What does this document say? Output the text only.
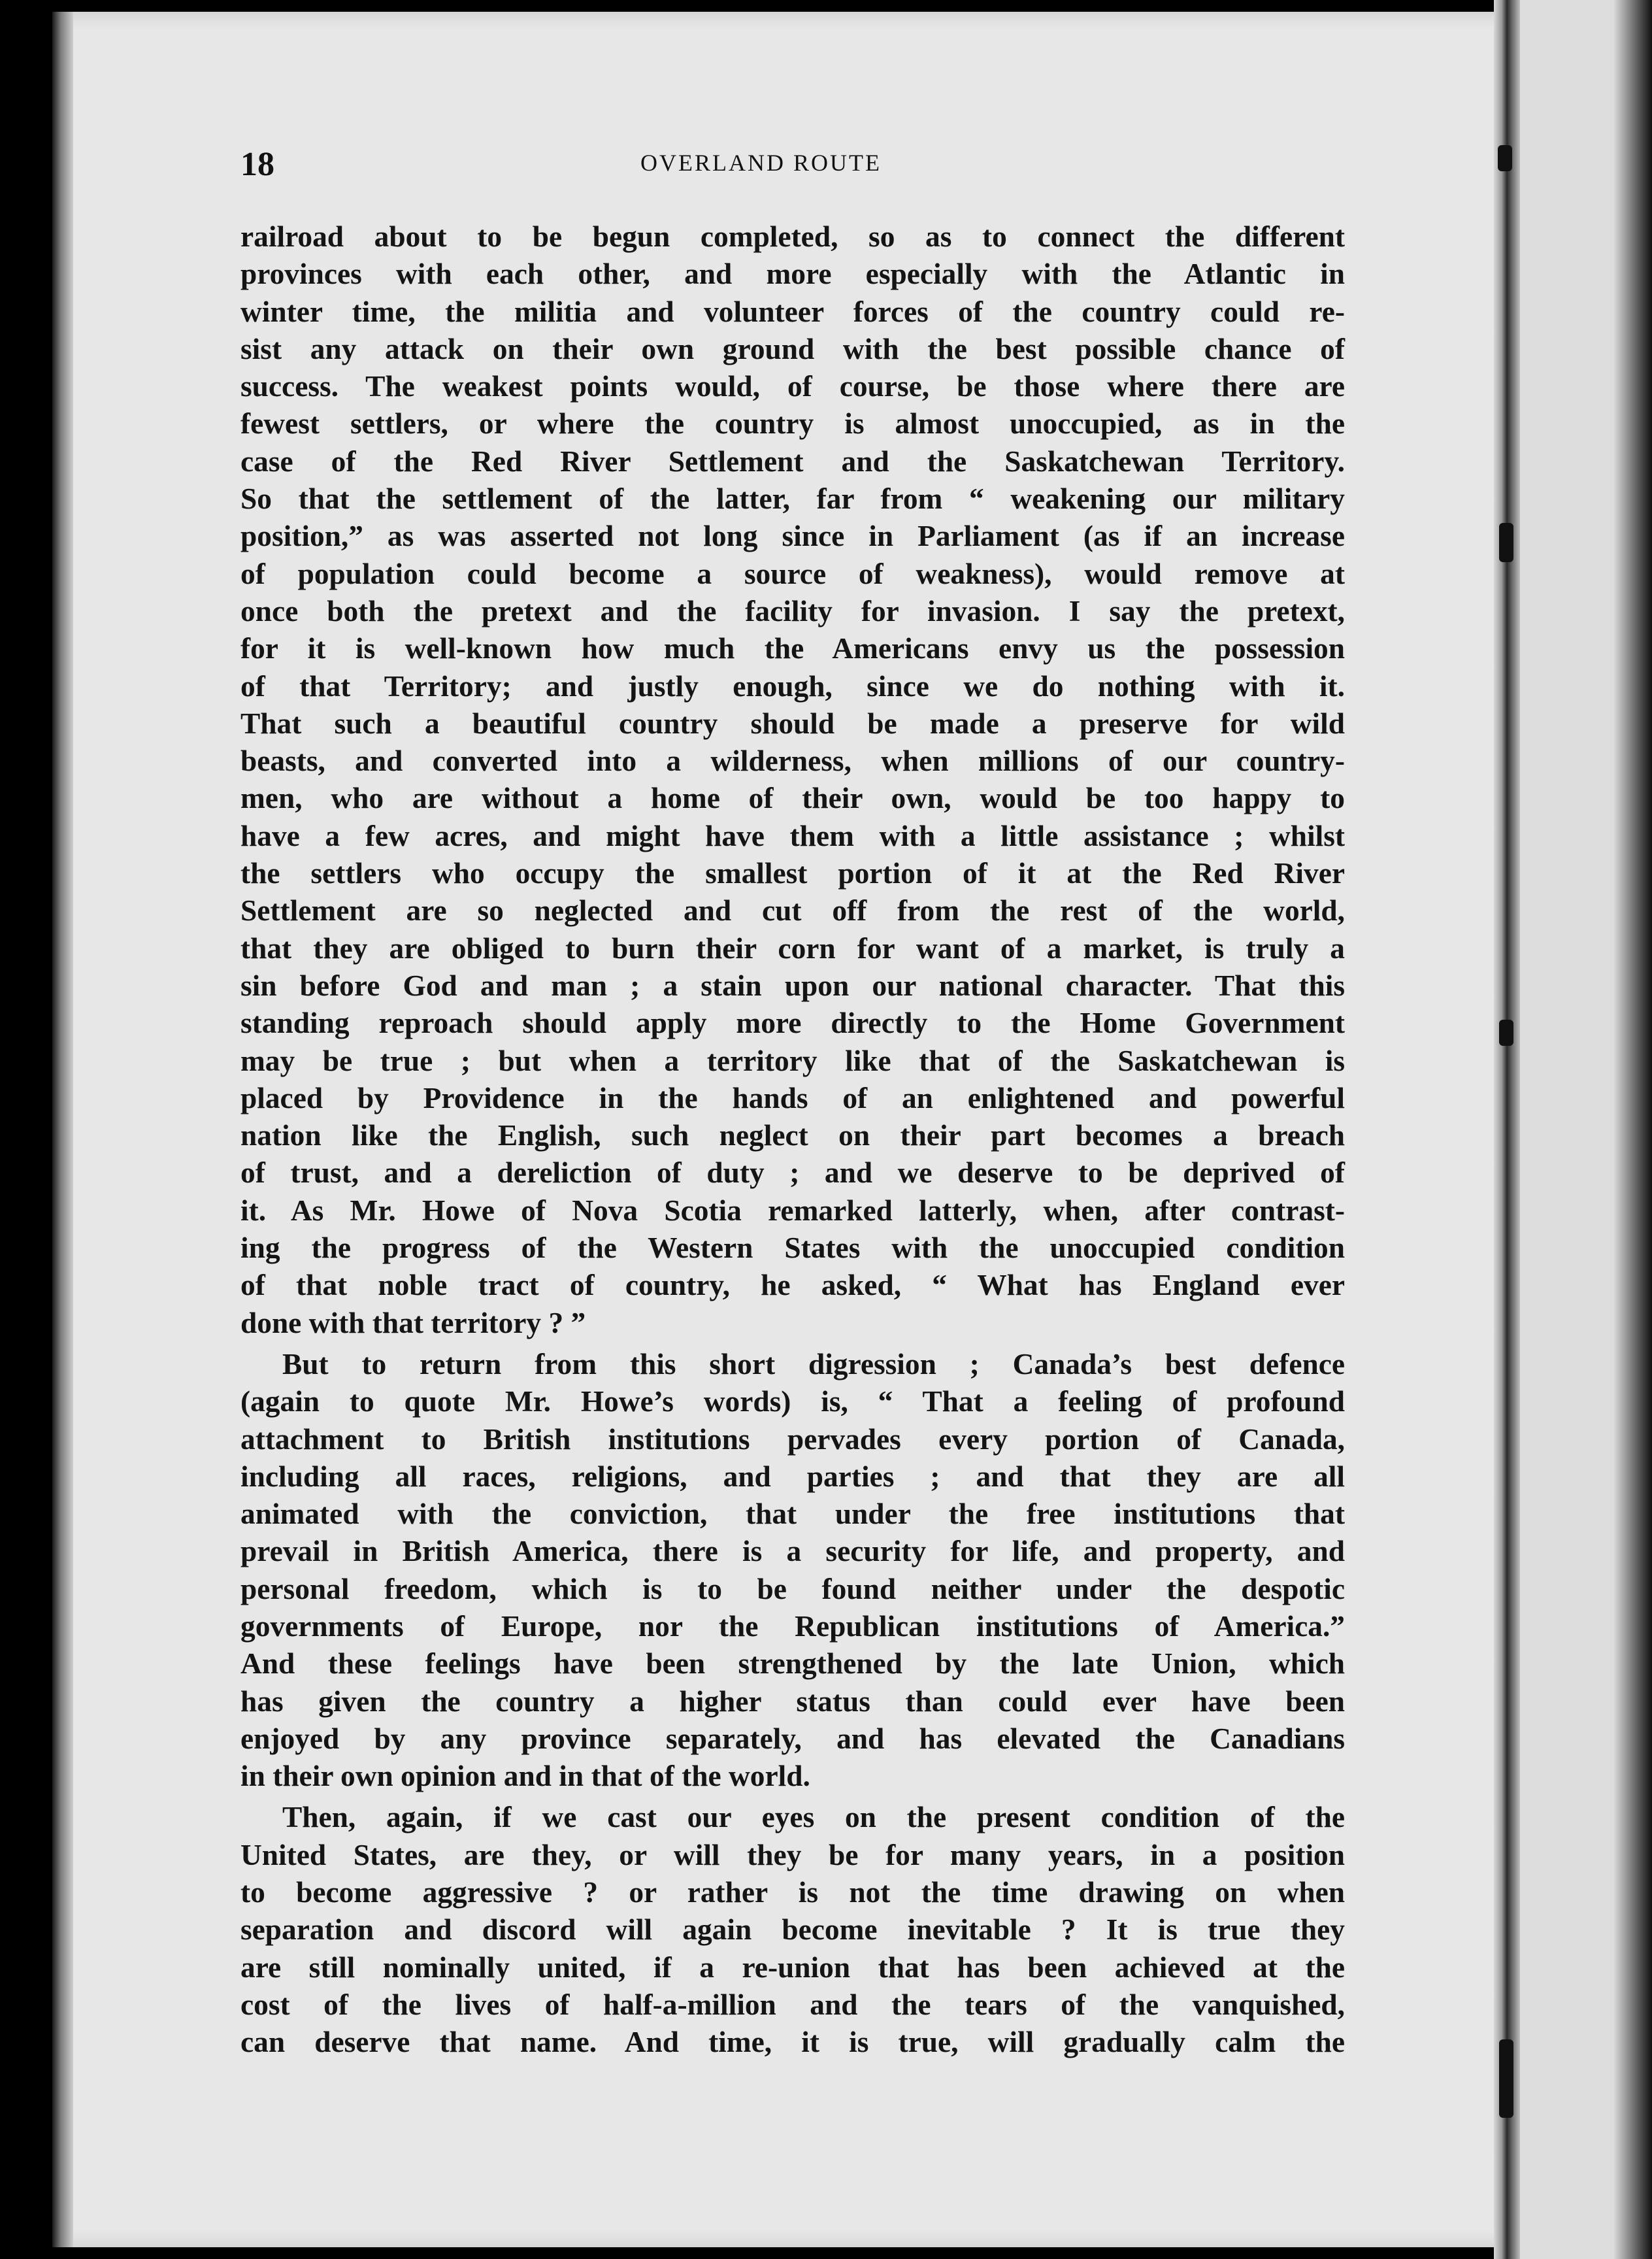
18	OVERLAND ROUTE
railroad about to be begun completed, so as to connect the different
provinces with each other, and more especially with the Atlantic in
winter time, the militia and volunteer forces of the country could re-
sist any attack on their own ground with the best possible chance of
success. The weakest points would, of course, be those where there are
fewest settlers, or where the country is almost unoccupied, as in the
case of the Red River Settlement and the Saskatchewan Territory.
So that the settlement of the latter, far from “ weakening our military
position,” as was asserted not long since in Parliament (as if an increase
of population could become a source of weakness), would remove at
once both the pretext and the facility for invasion. I say the pretext,
for it is well-known how much the Americans envy us the possession
of that Territory; and justly enough, since we do nothing with it.
That such a beautiful country should be made a preserve for wild
beasts, and converted into a wilderness, when millions of our country-
men, who are without a home of their own, would be too happy to
have a few acres, and might have them with a little assistance ; whilst
the settlers who occupy the smallest portion of it at the Red River
Settlement are so neglected and cut off from the rest of the world,
that they are obliged to burn their corn for want of a market, is truly a
sin before God and man ; a stain upon our national character. That this
standing reproach should apply more directly to the Home Government
may be true ; but when a territory like that of the Saskatchewan is
placed by Providence in the hands of an enlightened and powerful
nation like the English, such neglect on their part becomes a breach
of trust, and a dereliction of duty ; and we deserve to be deprived of
it. As Mr. Howe of Nova Scotia remarked latterly, when, after contrast-
ing the progress of the Western States with the unoccupied condition
of that noble tract of country, he asked, “ What has England ever
done with that territory ? ”
But to return from this short digression ; Canada’s best defence
(again to quote Mr. Howe’s words) is, “ That a feeling of profound
attachment to British institutions pervades every portion of Canada,
including all races, religions, and parties ; and that they are all
animated with the conviction, that under the free institutions that
prevail in British America, there is a security for life, and property, and
personal freedom, which is to be found neither under the despotic
governments of Europe, nor the Republican institutions of America.”
And these feelings have been strengthened by the late Union, which
has given the country a higher status than could ever have been
enjoyed by any province separately, and has elevated the Canadians
in their own opinion and in that of the world.
Then, again, if we cast our eyes on the present condition of the
United States, are they, or will they be for many years, in a position
to become aggressive ? or rather is not the time drawing on when
separation and discord will again become inevitable ? It is true they
are still nominally united, if a re-union that has been achieved at the
cost of the lives of half-a-million and the tears of the vanquished,
can deserve that name. And time, it is true, will gradually calm the
